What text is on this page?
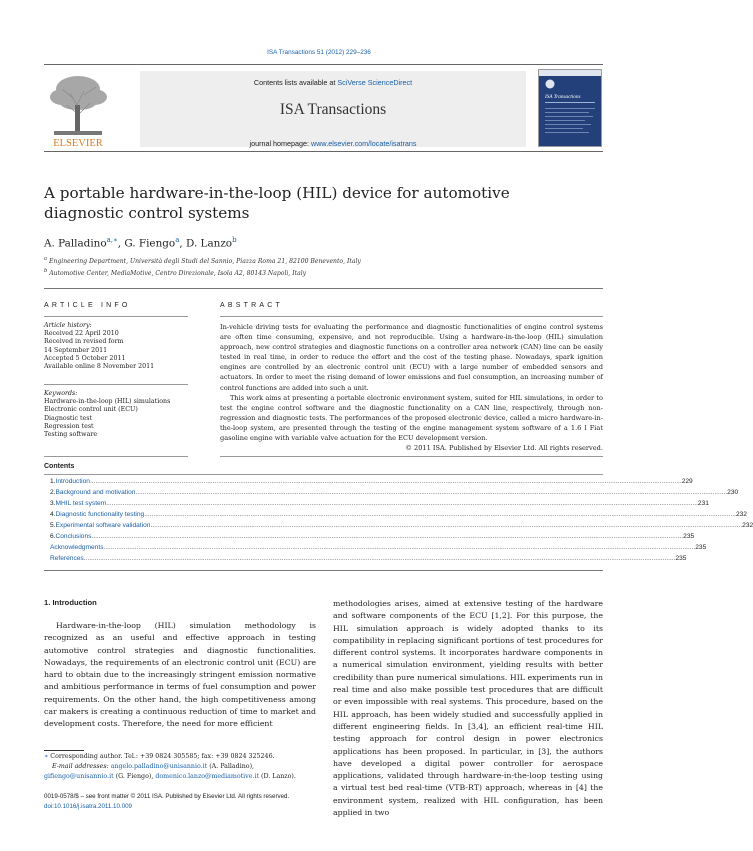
ISA Transactions 51 (2012) 229–236
ELSEVIER
Contents lists available at SciVerse ScienceDirect
ISA Transactions
journal homepage: www.elsevier.com/locate/isatrans
ISA Transactions
A portable hardware-in-the-loop (HIL) device for automotive diagnostic control systems
A. Palladino$^{a,∗}$, G. Fiengo$^a$, D. Lanzo$^b$
$^a$ Engineering Department, Università degli Studi del Sannio, Piazza Roma 21, 82100 Benevento, Italy
$^b$ Automotive Center, MediaMotive, Centro Direzionale, Isola A2, 80143 Napoli, Italy
ARTICLE INFO
Article history:
Received 22 April 2010
Received in revised form
14 September 2011
Accepted 5 October 2011
Available online 8 November 2011
Keywords:
Hardware-in-the-loop (HIL) simulations
Electronic control unit (ECU)
Diagnostic test
Regression test
Testing software
ABSTRACT

In-vehicle driving tests for evaluating the performance and diagnostic functionalities of engine control systems are often time consuming, expensive, and not reproducible. Using a hardware-in-the-loop (HIL) simulation approach, new control strategies and diagnostic functions on a controller area network (CAN) line can be easily tested in real time, in order to reduce the effort and the cost of the testing phase. Nowadays, spark ignition engines are controlled by an electronic control unit (ECU) with a large number of embedded sensors and actuators. In order to meet the rising demand of lower emissions and fuel consumption, an increasing number of control functions are added into such a unit.

This work aims at presenting a portable electronic environment system, suited for HIL simulations, in order to test the engine control software and the diagnostic functionality on a CAN line, respectively, through non-regression and diagnostic tests. The performances of the proposed electronic device, called a micro hardware-in-the-loop system, are presented through the testing of the engine management system software of a 1.6 l Fiat gasoline engine with variable valve actuation for the ECU development version.

© 2011 ISA. Published by Elsevier Ltd. All rights reserved.
Contents
1. Introduction ................................................................................................................................................................................................................................................................................................................................... 229
2. Background and motivation ................................................................................................................................................................................................................................................................................................................................... 230
3. MHIL test system ................................................................................................................................................................................................................................................................................................................................... 231
4. Diagnostic functionality testing ................................................................................................................................................................................................................................................................................................................................... 232
5. Experimental software validation ................................................................................................................................................................................................................................................................................................................................... 232
6. Conclusions ................................................................................................................................................................................................................................................................................................................................... 235
Acknowledgments ................................................................................................................................................................................................................................................................................................................................... 235
References ................................................................................................................................................................................................................................................................................................................................... 235
1. Introduction

Hardware-in-the-loop (HIL) simulation methodology is recognized as an useful and effective approach in testing automotive control strategies and diagnostic functionalities. Nowadays, the requirements of an electronic control unit (ECU) are hard to obtain due to the increasingly stringent emission normative and ambitious performance in terms of fuel consumption and power requirements. On the other hand, the high competitiveness among car makers is creating a continuous reduction of time to market and development costs. Therefore, the need for more efficient

methodologies arises, aimed at extensive testing of the hardware and software components of the ECU [1,2]. For this purpose, the HIL simulation approach is widely adopted thanks to its compatibility in replacing significant portions of test procedures for different control systems. It incorporates hardware components in a numerical simulation environment, yielding results with better credibility than pure numerical simulations. HIL experiments run in real time and also make possible test procedures that are difficult or even impossible with real systems. This procedure, based on the HIL approach, has been widely studied and successfully applied in different engineering fields. In [3,4], an efficient real-time HIL testing approach for control design in power electronics applications has been proposed. In particular, in [3], the authors have developed a digital power controller for aerospace applications, validated through hardware-in-the-loop testing using a virtual test bed real-time (VTB-RT) approach, whereas in [4] the environment system, realized with HIL configuration, has been applied in two

∗ Corresponding author. Tel.: +39 0824 305585; fax: +39 0824 325246.
E-mail addresses: angelo.palladino@unisannio.it (A. Palladino),
gifiengo@unisannio.it (G. Fiengo), domenico.lanzo@mediamotive.it (D. Lanzo).
0019-0578/$ – see front matter © 2011 ISA. Published by Elsevier Ltd. All rights reserved.
doi:10.1016/j.isatra.2011.10.009
